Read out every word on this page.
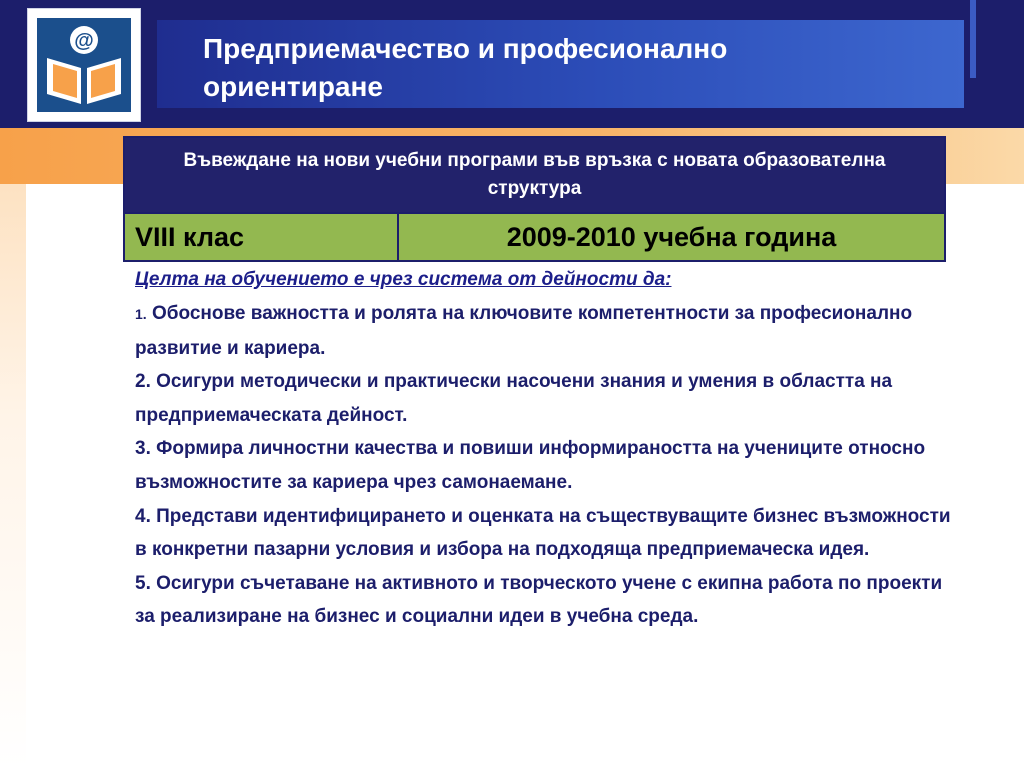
@	Предприемачество и професионално
ориентиране
Въвеждане на нови учебни програми във връзка с новата образователна структура
VIII клас	2009-2010 учебна година
Целта на обучението е чрез система от дейности да:

1. Обоснове важността и ролята на ключовите компетентности за професионално развитие и кариера.

2. Осигури методически и практически насочени знания и умения в областта на предприемаческата дейност.

3. Формира личностни качества и повиши информираността на учениците относно възможностите за кариера чрез самонаемане.

4. Представи идентифицирането и оценката на съществуващите бизнес възможности в конкретни пазарни условия и избора на подходяща предприемаческа идея.

5. Осигури съчетаване на активното и творческото учене с екипна работа по проекти за реализиране на бизнес и социални идеи в учебна среда.
